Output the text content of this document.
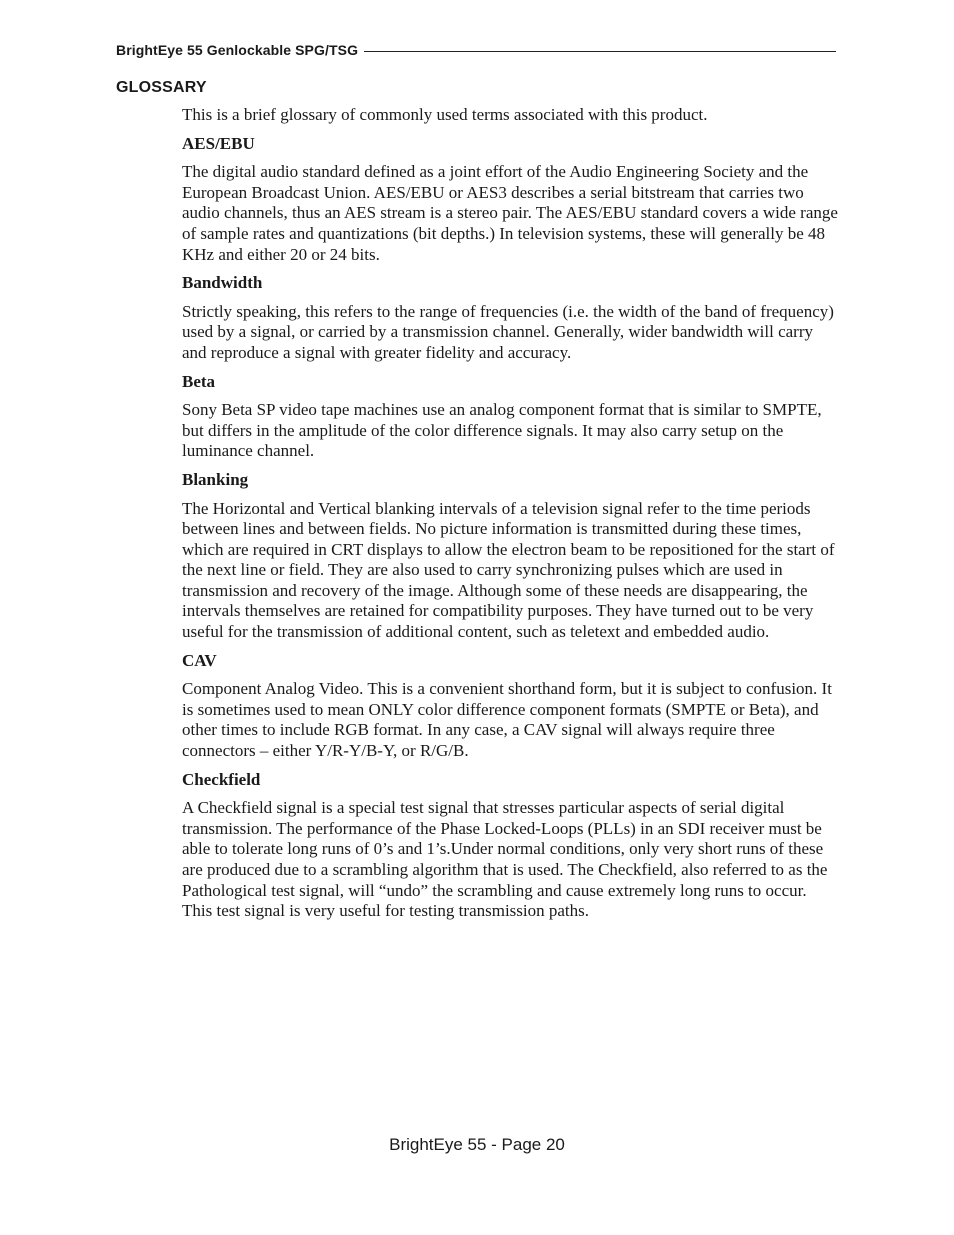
BrightEye 55 Genlockable SPG/TSG
GLOSSARY

This is a brief glossary of commonly used terms associated with this product.

AES/EBU

The digital audio standard defined as a joint effort of the Audio Engineering Society and the European Broadcast Union. AES/EBU or AES3 describes a serial bitstream that carries two audio channels, thus an AES stream is a stereo pair. The AES/EBU standard covers a wide range of sample rates and quantizations (bit depths.) In television systems, these will generally be 48 KHz and either 20 or 24 bits.

Bandwidth

Strictly speaking, this refers to the range of frequencies (i.e. the width of the band of frequency) used by a signal, or carried by a transmission channel. Generally, wider bandwidth will carry and reproduce a signal with greater fidelity and accuracy.

Beta

Sony Beta SP video tape machines use an analog component format that is similar to SMPTE, but differs in the amplitude of the color difference signals. It may also carry setup on the luminance channel.

Blanking

The Horizontal and Vertical blanking intervals of a television signal refer to the time periods between lines and between fields. No picture information is transmitted during these times, which are required in CRT displays to allow the electron beam to be repositioned for the start of the next line or field. They are also used to carry synchronizing pulses which are used in transmission and recovery of the image. Although some of these needs are disappearing, the intervals themselves are retained for compatibility purposes. They have turned out to be very useful for the transmission of additional content, such as teletext and embedded audio.

CAV

Component Analog Video. This is a convenient shorthand form, but it is subject to confusion. It is sometimes used to mean ONLY color difference component formats (SMPTE or Beta), and other times to include RGB format. In any case, a CAV signal will always require three connectors – either Y/R-Y/B-Y, or R/G/B.

Checkfield

A Checkfield signal is a special test signal that stresses particular aspects of serial digital transmission. The performance of the Phase Locked-Loops (PLLs) in an SDI receiver must be able to tolerate long runs of 0’s and 1’s.Under normal conditions, only very short runs of these are produced due to a scrambling algorithm that is used. The Checkfield, also referred to as the Pathological test signal, will “undo” the scrambling and cause extremely long runs to occur. This test signal is very useful for testing transmission paths.

BrightEye 55 - Page 20
